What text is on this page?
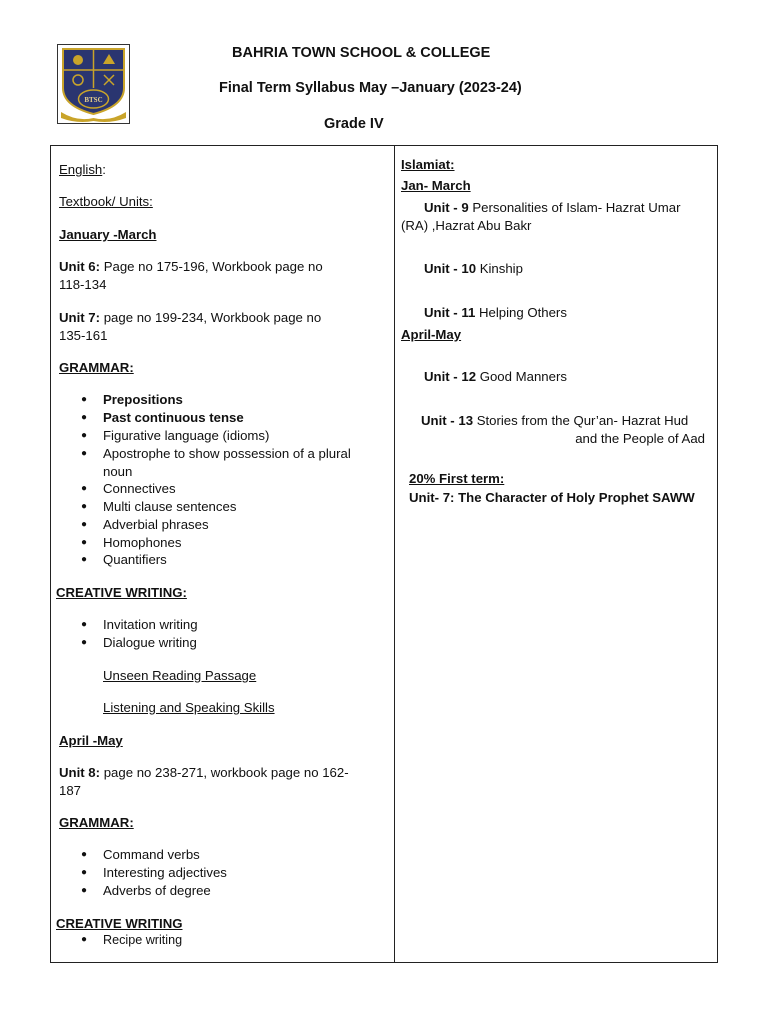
BTSC
BAHRIA TOWN SCHOOL & COLLEGE
Final Term Syllabus May –January (2023-24)
Grade IV
English:
Textbook/ Units:
January -March
Unit 6: Page no 175-196, Workbook page no
118-134
Unit 7: page no 199-234, Workbook page no
135-161
GRAMMAR:
● Prepositions
● Past continuous tense
● Figurative language (idioms)
● Apostrophe to show possession of a plural
noun
● Connectives
● Multi clause sentences
● Adverbial phrases
● Homophones
● Quantifiers
CREATIVE WRITING:
● Invitation writing
● Dialogue writing
Unseen Reading Passage
Listening and Speaking Skills
April -May
Unit 8: page no 238-271, workbook page no 162-
187
GRAMMAR:
● Command verbs
● Interesting adjectives
● Adverbs of degree
CREATIVE WRITING
● Recipe writing
Islamiat:
Jan- March
Unit - 9 Personalities of Islam- Hazrat Umar
(RA) ,Hazrat Abu Bakr
Unit - 10 Kinship
Unit - 11 Helping Others
April-May
Unit - 12 Good Manners
Unit - 13 Stories from the Qur’an- Hazrat Hud
and the People of Aad
20% First term:
Unit- 7: The Character of Holy Prophet SAWW
